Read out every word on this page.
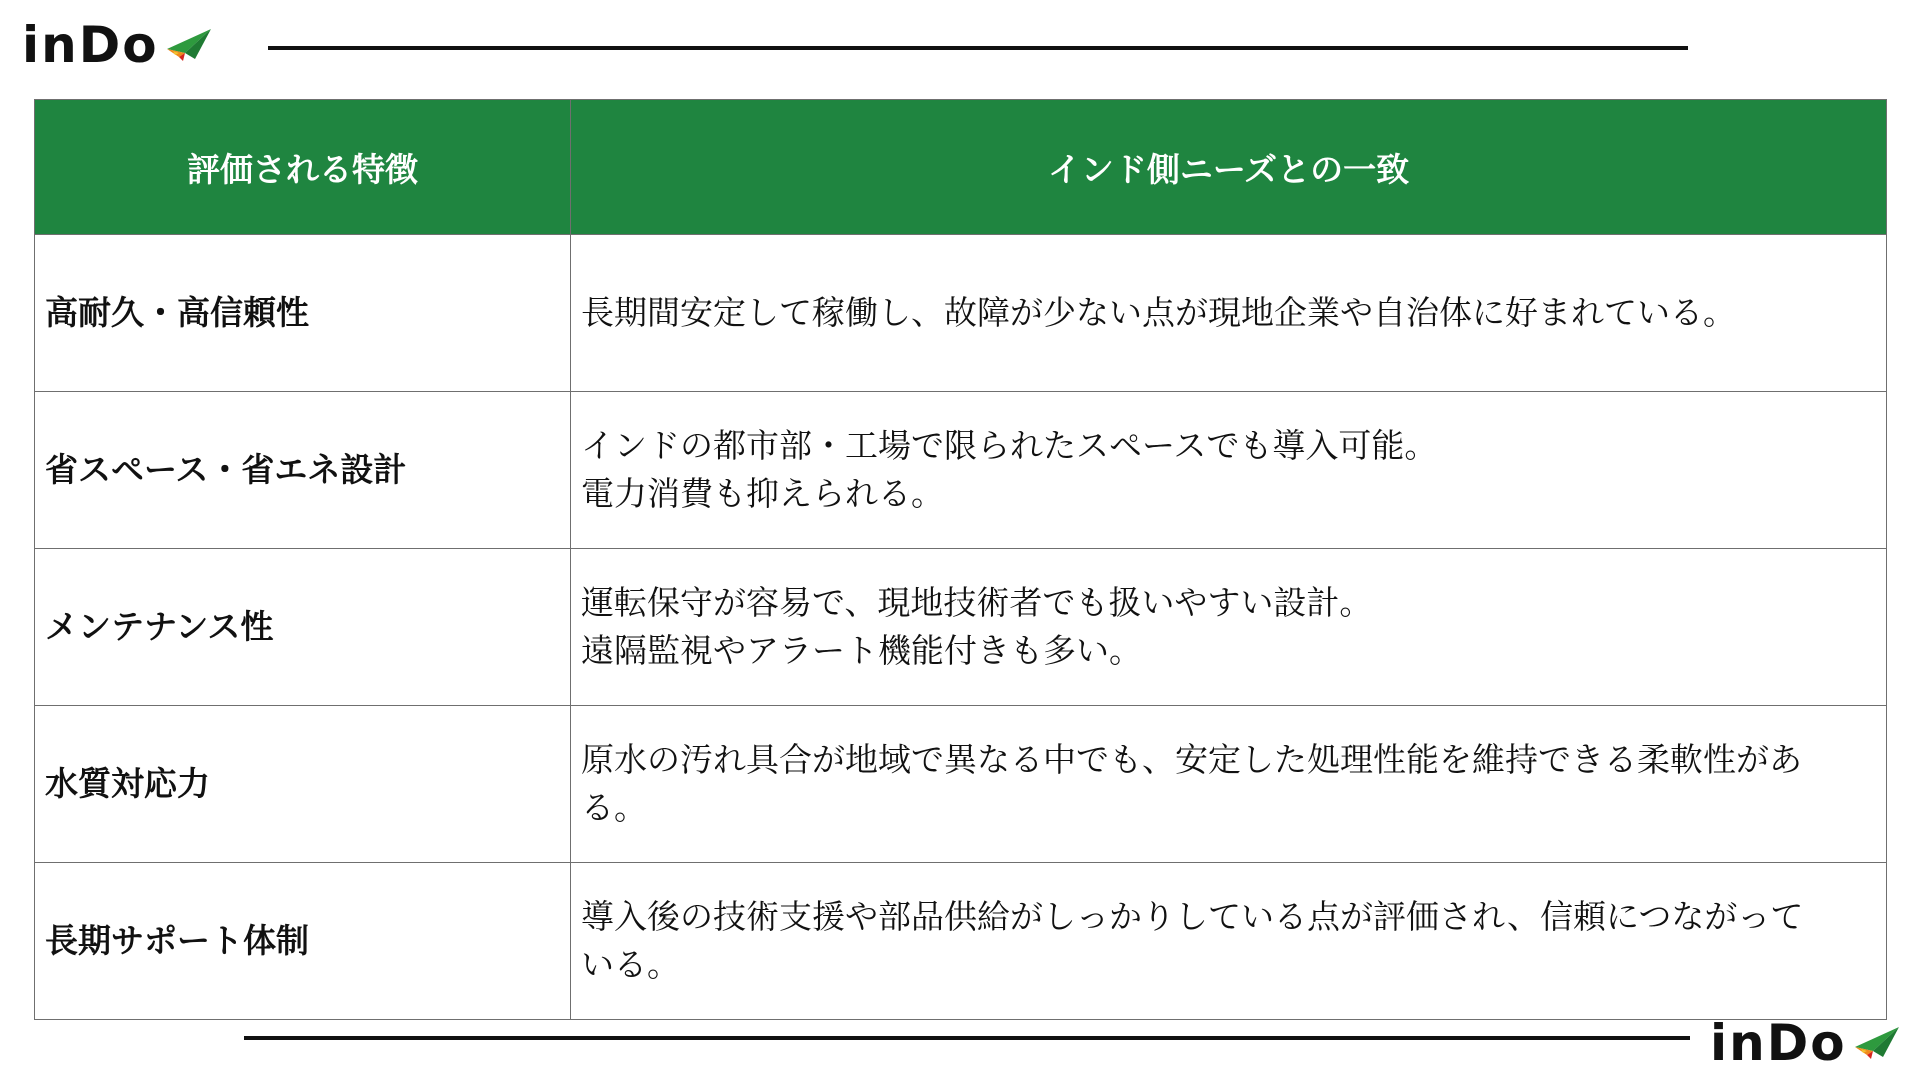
inDo
評価される特徴	インド側ニーズとの一致
高耐久・高信頼性	長期間安定して稼働し、故障が少ない点が現地企業や自治体に好まれている。

省スペース・省エネ設計	インドの都市部・工場で限られたスペースでも導入可能。
電力消費も抑えられる。

メンテナンス性	運転保守が容易で、現地技術者でも扱いやすい設計。
遠隔監視やアラート機能付きも多い。

水質対応力	原水の汚れ具合が地域で異なる中でも、安定した処理性能を維持できる柔軟性があ
る。

長期サポート体制	導入後の技術支援や部品供給がしっかりしている点が評価され、信頼につながって
いる。
inDo
